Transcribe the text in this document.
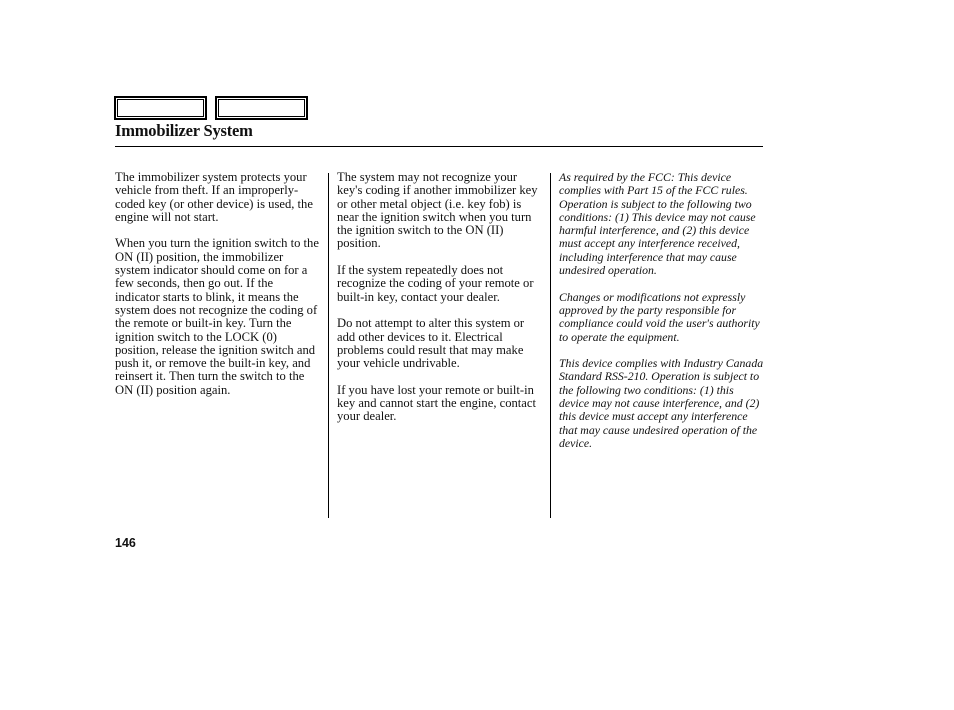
Immobilizer System

The immobilizer system protects your vehicle from theft. If an improperly-coded key (or other device) is used, the engine will not start.

When you turn the ignition switch to the ON (II) position, the immobilizer system indicator should come on for a few seconds, then go out. If the indicator starts to blink, it means the system does not recognize the coding of the remote or built-in key. Turn the ignition switch to the LOCK (0) position, release the ignition switch and push it, or remove the built-in key, and reinsert it. Then turn the switch to the ON (II) position again.

The system may not recognize your key's coding if another immobilizer key or other metal object (i.e. key fob) is near the ignition switch when you turn the ignition switch to the ON (II) position.

If the system repeatedly does not recognize the coding of your remote or built-in key, contact your dealer.

Do not attempt to alter this system or add other devices to it. Electrical problems could result that may make your vehicle undrivable.

If you have lost your remote or built-in key and cannot start the engine, contact your dealer.

As required by the FCC: This device complies with Part 15 of the FCC rules. Operation is subject to the following two conditions: (1) This device may not cause harmful interference, and (2) this device must accept any interference received, including interference that may cause undesired operation.

Changes or modifications not expressly approved by the party responsible for compliance could void the user's authority to operate the equipment.

This device complies with Industry Canada Standard RSS-210. Operation is subject to the following two conditions: (1) this device may not cause interference, and (2) this device must accept any interference that may cause undesired operation of the device.

146
